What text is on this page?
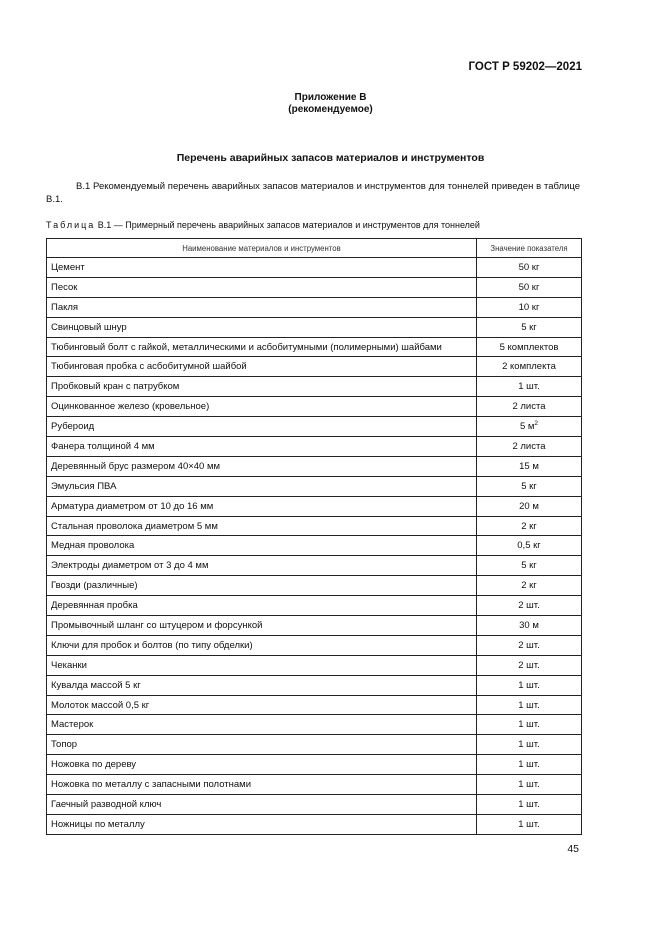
ГОСТ Р 59202—2021
Приложение В
(рекомендуемое)
Перечень аварийных запасов материалов и инструментов
В.1 Рекомендуемый перечень аварийных запасов материалов и инструментов для тоннелей приведен в таблице В.1.
Таблица В.1 — Примерный перечень аварийных запасов материалов и инструментов для тоннелей
Наименование материалов и инструментов	Значение показателя
Цемент	50 кг
Песок	50 кг
Пакля	10 кг
Свинцовый шнур	5 кг
Тюбинговый болт с гайкой, металлическими и асбобитумными (полимерными) шайбами	5 комплектов
Тюбинговая пробка с асбобитумной шайбой	2 комплекта
Пробковый кран с патрубком	1 шт.
Оцинкованное железо (кровельное)	2 листа
Рубероид	5 $м^2$
Фанера толщиной 4 мм	2 листа
Деревянный брус размером 40×40 мм	15 м
Эмульсия ПВА	5 кг
Арматура диаметром от 10 до 16 мм	20 м
Стальная проволока диаметром 5 мм	2 кг
Медная проволока	0,5 кг
Электроды диаметром от 3 до 4 мм	5 кг
Гвозди (различные)	2 кг
Деревянная пробка	2 шт.
Промывочный шланг со штуцером и форсункой	30 м
Ключи для пробок и болтов (по типу обделки)	2 шт.
Чеканки	2 шт.
Кувалда массой 5 кг	1 шт.
Молоток массой 0,5 кг	1 шт.
Мастерок	1 шт.
Топор	1 шт.
Ножовка по дереву	1 шт.
Ножовка по металлу с запасными полотнами	1 шт.
Гаечный разводной ключ	1 шт.
Ножницы по металлу	1 шт.
45
